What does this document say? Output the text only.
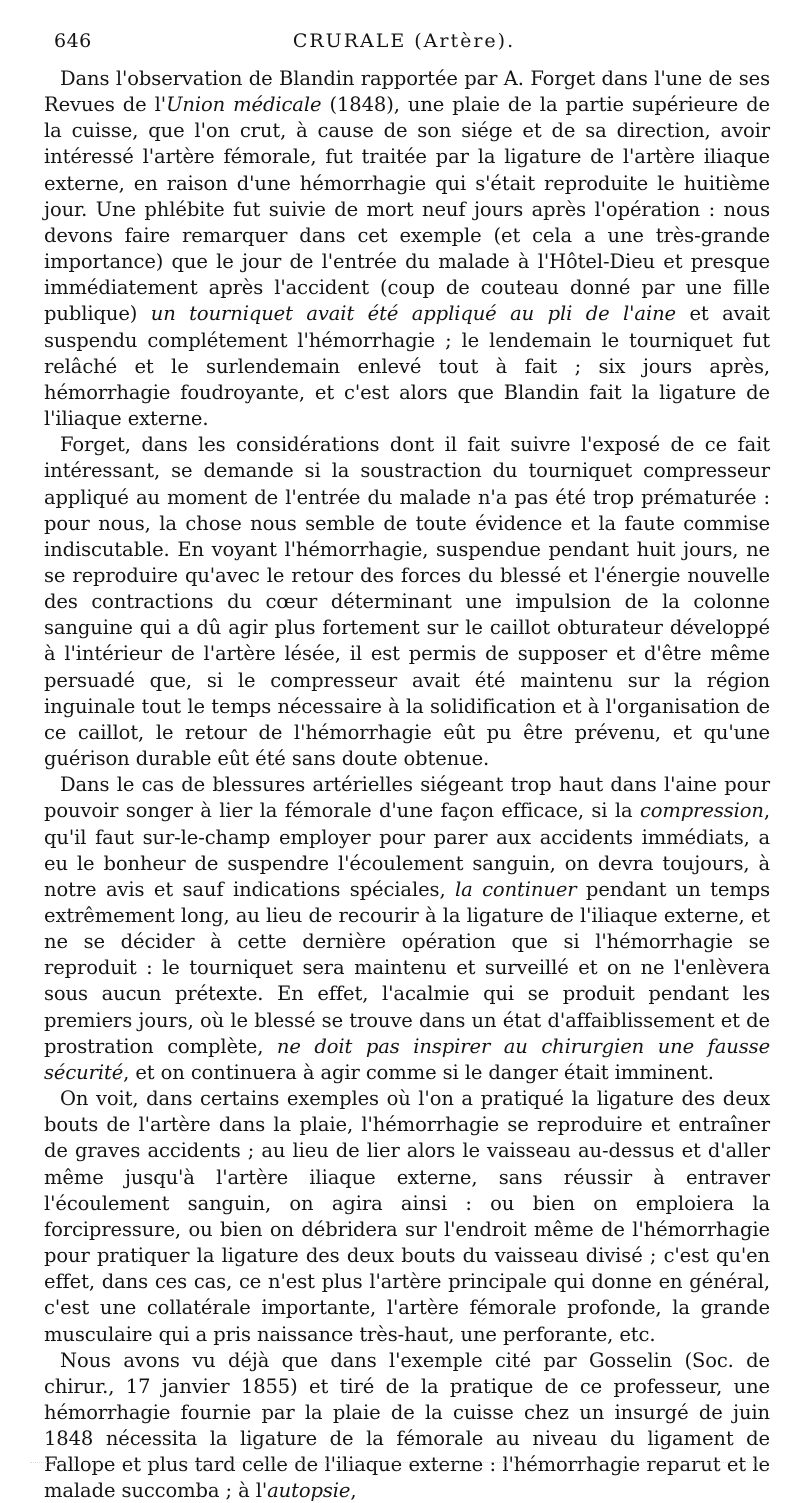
646	CRURALE (Artère).

Dans l'observation de Blandin rapportée par A. Forget dans l'une de ses Revues de l'Union médicale (1848), une plaie de la partie supérieure de la cuisse, que l'on crut, à cause de son siége et de sa direction, avoir intéressé l'artère fémorale, fut traitée par la ligature de l'artère iliaque externe, en raison d'une hémorrhagie qui s'était reproduite le huitième jour. Une phlébite fut suivie de mort neuf jours après l'opération : nous devons faire remarquer dans cet exemple (et cela a une très-grande importance) que le jour de l'entrée du malade à l'Hôtel-Dieu et presque immédiatement après l'accident (coup de couteau donné par une fille publique) un tourniquet avait été appliqué au pli de l'aine et avait suspendu complétement l'hémorrhagie ; le lendemain le tourniquet fut relâché et le surlendemain enlevé tout à fait ; six jours après, hémorrhagie foudroyante, et c'est alors que Blandin fait la ligature de l'iliaque externe.

Forget, dans les considérations dont il fait suivre l'exposé de ce fait intéressant, se demande si la soustraction du tourniquet compresseur appliqué au moment de l'entrée du malade n'a pas été trop prématurée : pour nous, la chose nous semble de toute évidence et la faute commise indiscutable. En voyant l'hémorrhagie, suspendue pendant huit jours, ne se reproduire qu'avec le retour des forces du blessé et l'énergie nouvelle des contractions du cœur déterminant une impulsion de la colonne sanguine qui a dû agir plus fortement sur le caillot obturateur développé à l'intérieur de l'artère lésée, il est permis de supposer et d'être même persuadé que, si le compresseur avait été maintenu sur la région inguinale tout le temps nécessaire à la solidification et à l'organisation de ce caillot, le retour de l'hémorrhagie eût pu être prévenu, et qu'une guérison durable eût été sans doute obtenue.

Dans le cas de blessures artérielles siégeant trop haut dans l'aine pour pouvoir songer à lier la fémorale d'une façon efficace, si la compression, qu'il faut sur-le-champ employer pour parer aux accidents immédiats, a eu le bonheur de suspendre l'écoulement sanguin, on devra toujours, à notre avis et sauf indications spéciales, la continuer pendant un temps extrêmement long, au lieu de recourir à la ligature de l'iliaque externe, et ne se décider à cette dernière opération que si l'hémorrhagie se reproduit : le tourniquet sera maintenu et surveillé et on ne l'enlèvera sous aucun prétexte. En effet, l'acalmie qui se produit pendant les premiers jours, où le blessé se trouve dans un état d'affaiblissement et de prostration complète, ne doit pas inspirer au chirurgien une fausse sécurité, et on continuera à agir comme si le danger était imminent.

On voit, dans certains exemples où l'on a pratiqué la ligature des deux bouts de l'artère dans la plaie, l'hémorrhagie se reproduire et entraîner de graves accidents ; au lieu de lier alors le vaisseau au-dessus et d'aller même jusqu'à l'artère iliaque externe, sans réussir à entraver l'écoulement sanguin, on agira ainsi : ou bien on emploiera la forcipressure, ou bien on débridera sur l'endroit même de l'hémorrhagie pour pratiquer la ligature des deux bouts du vaisseau divisé ; c'est qu'en effet, dans ces cas, ce n'est plus l'artère principale qui donne en général, c'est une collatérale importante, l'artère fémorale profonde, la grande musculaire qui a pris naissance très-haut, une perforante, etc.

Nous avons vu déjà que dans l'exemple cité par Gosselin (Soc. de chirur., 17 janvier 1855) et tiré de la pratique de ce professeur, une hémorrhagie fournie par la plaie de la cuisse chez un insurgé de juin 1848 nécessita la ligature de la fémorale au niveau du ligament de Fallope et plus tard celle de l'iliaque externe : l'hémorrhagie reparut et le malade succomba ; à l'autopsie,
